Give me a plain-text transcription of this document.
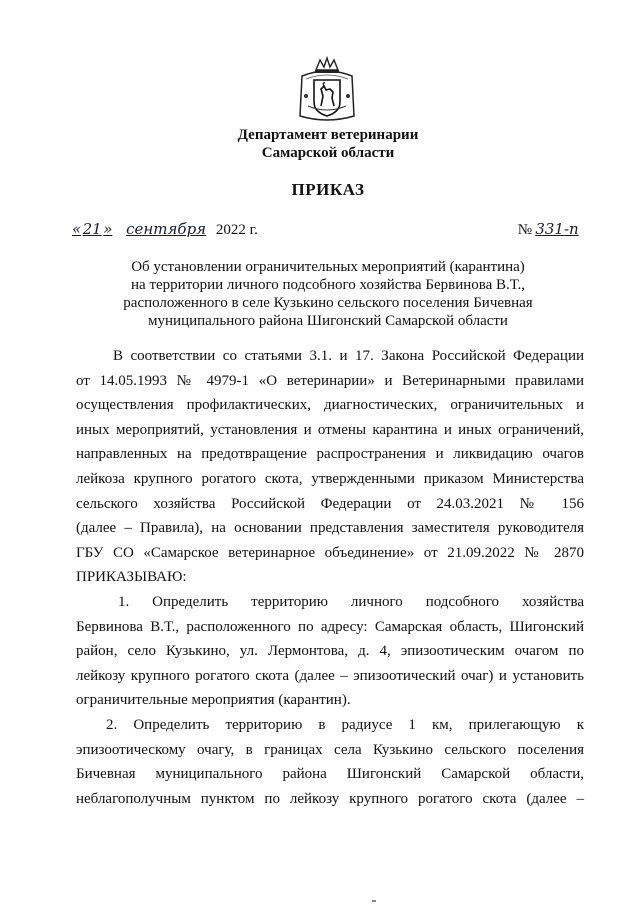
Департамент ветеринарии
Самарской области
ПРИКАЗ
«21» сентября 2022 г.	№ 331-п
Об установлении ограничительных мероприятий (карантина)
на территории личного подсобного хозяйства Бервинова В.Т.,
расположенного в селе Кузькино сельского поселения Бичевная
муниципального района Шигонский Самарской области
В соответствии со статьями 3.1. и 17. Закона Российской Федерации
от 14.05.1993 № 4979-1 «О ветеринарии» и Ветеринарными правилами
осуществления профилактических, диагностических, ограничительных и
иных мероприятий, установления и отмены карантина и иных ограничений,
направленных на предотвращение распространения и ликвидацию очагов
лейкоза крупного рогатого скота, утвержденными приказом Министерства
сельского хозяйства Российской Федерации от 24.03.2021 № 156
(далее – Правила), на основании представления заместителя руководителя
ГБУ СО «Самарское ветеринарное объединение» от 21.09.2022 № 2870
ПРИКАЗЫВАЮ:
1. Определить территорию личного подсобного хозяйства
Бервинова В.Т., расположенного по адресу: Самарская область, Шигонский
район, село Кузькино, ул. Лермонтова, д. 4, эпизоотическим очагом по
лейкозу крупного рогатого скота (далее – эпизоотический очаг) и установить
ограничительные мероприятия (карантин).
2. Определить территорию в радиусе 1 км, прилегающую к
эпизоотическому очагу, в границах села Кузькино сельского поселения
Бичевная муниципального района Шигонский Самарской области,
неблагополучным пунктом по лейкозу крупного рогатого скота (далее –
